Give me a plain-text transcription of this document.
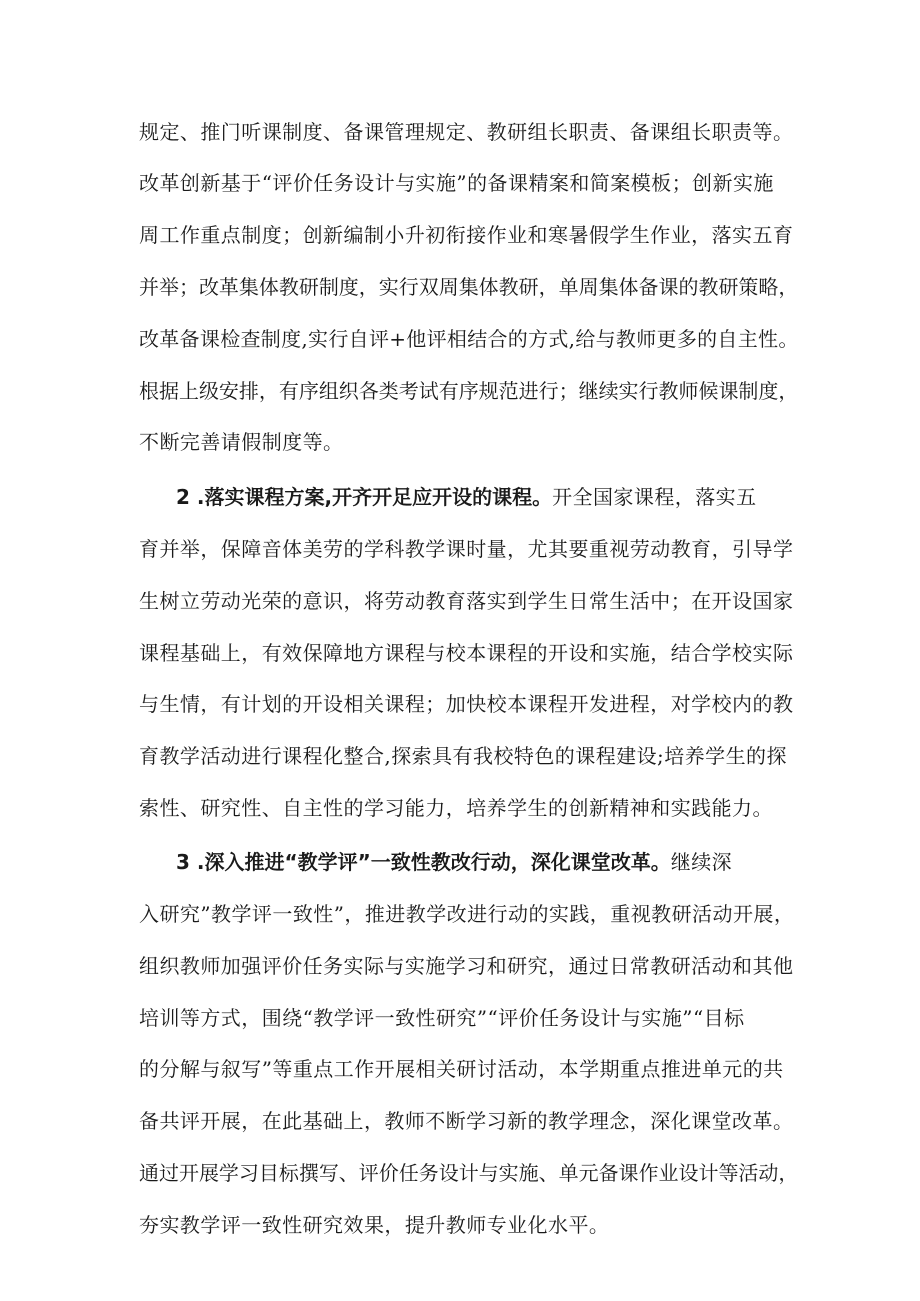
规定、推门听课制度、备课管理规定、教研组长职责、备课组长职责等。
改革创新基于“评价任务设计与实施”的备课精案和简案模板；创新实施
周工作重点制度；创新编制小升初衔接作业和寒暑假学生作业，落实五育
并举；改革集体教研制度，实行双周集体教研，单周集体备课的教研策略，
改革备课检查制度,实行自评+他评相结合的方式,给与教师更多的自主性。
根据上级安排，有序组织各类考试有序规范进行；继续实行教师候课制度，
不断完善请假制度等。
2 .落实课程方案,开齐开足应开设的课程。开全国家课程，落实五
育并举，保障音体美劳的学科教学课时量，尤其要重视劳动教育，引导学
生树立劳动光荣的意识，将劳动教育落实到学生日常生活中；在开设国家
课程基础上，有效保障地方课程与校本课程的开设和实施，结合学校实际
与生情，有计划的开设相关课程；加快校本课程开发进程，对学校内的教
育教学活动进行课程化整合,探索具有我校特色的课程建设;培养学生的探
索性、研究性、自主性的学习能力，培养学生的创新精神和实践能力。
3 .深入推进“教学评”一致性教改行动，深化课堂改革。继续深
入研究”教学评一致性”，推进教学改进行动的实践，重视教研活动开展，
组织教师加强评价任务实际与实施学习和研究，通过日常教研活动和其他
培训等方式，围绕“教学评一致性研究”“评价任务设计与实施”“目标
的分解与叙写”等重点工作开展相关研讨活动，本学期重点推进单元的共
备共评开展，在此基础上，教师不断学习新的教学理念，深化课堂改革。
通过开展学习目标撰写、评价任务设计与实施、单元备课作业设计等活动，
夯实教学评一致性研究效果，提升教师专业化水平。
